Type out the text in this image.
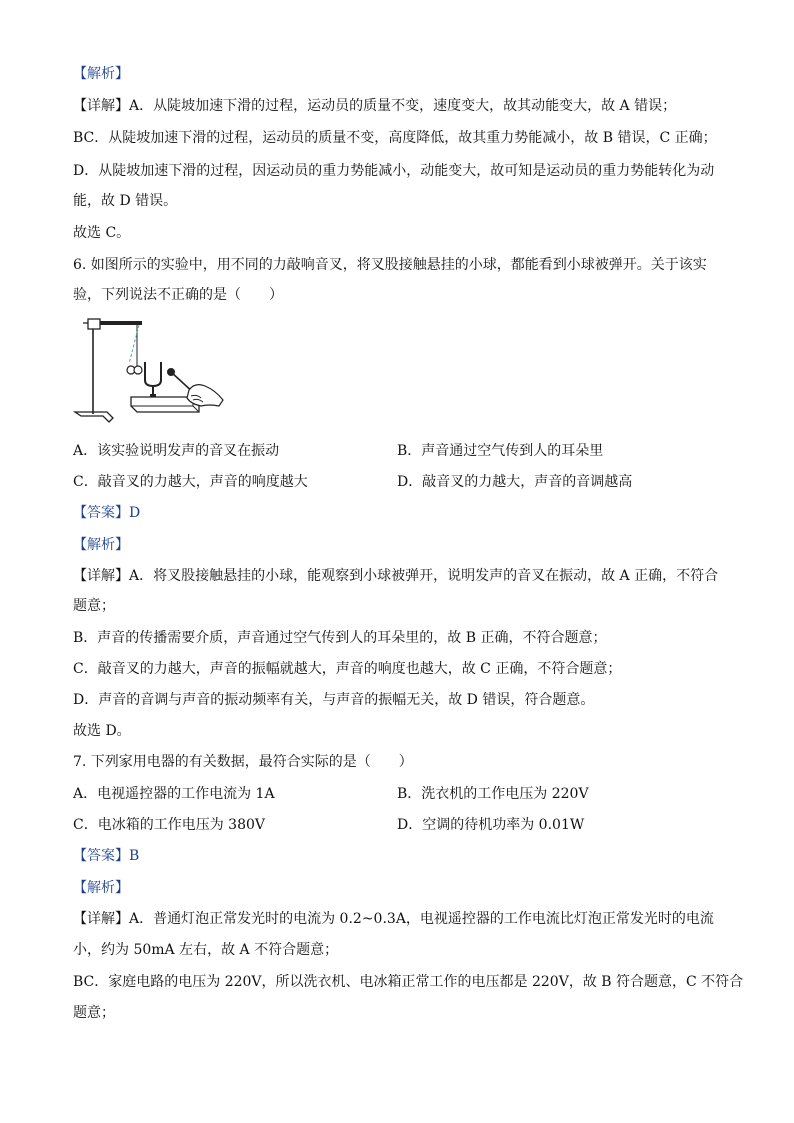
【解析】
【详解】A．从陡坡加速下滑的过程，运动员的质量不变，速度变大，故其动能变大，故 A 错误；
BC．从陡坡加速下滑的过程，运动员的质量不变，高度降低，故其重力势能减小，故 B 错误，C 正确；
D．从陡坡加速下滑的过程，因运动员的重力势能减小，动能变大，故可知是运动员的重力势能转化为动
能，故 D 错误。
故选 C。
6. 如图所示的实验中，用不同的力敲响音叉，将叉股接触悬挂的小球，都能看到小球被弹开。关于该实
验，下列说法不正确的是（　　）
A．该实验说明发声的音叉在振动	B．声音通过空气传到人的耳朵里
C．敲音叉的力越大，声音的响度越大	D．敲音叉的力越大，声音的音调越高
【答案】D
【解析】
【详解】A．将叉股接触悬挂的小球，能观察到小球被弹开，说明发声的音叉在振动，故 A 正确，不符合
题意；
B．声音的传播需要介质，声音通过空气传到人的耳朵里的，故 B 正确，不符合题意；
C．敲音叉的力越大，声音的振幅就越大，声音的响度也越大，故 C 正确，不符合题意；
D．声音的音调与声音的振动频率有关，与声音的振幅无关，故 D 错误，符合题意。
故选 D。
7. 下列家用电器的有关数据，最符合实际的是（　　）
A．电视遥控器的工作电流为 1A	B．洗衣机的工作电压为 220V
C．电冰箱的工作电压为 380V	D．空调的待机功率为 0.01W
【答案】B
【解析】
【详解】A．普通灯泡正常发光时的电流为 0.2~0.3A，电视遥控器的工作电流比灯泡正常发光时的电流
小，约为 50mA 左右，故 A 不符合题意；
BC．家庭电路的电压为 220V，所以洗衣机、电冰箱正常工作的电压都是 220V，故 B 符合题意，C 不符合
题意；
